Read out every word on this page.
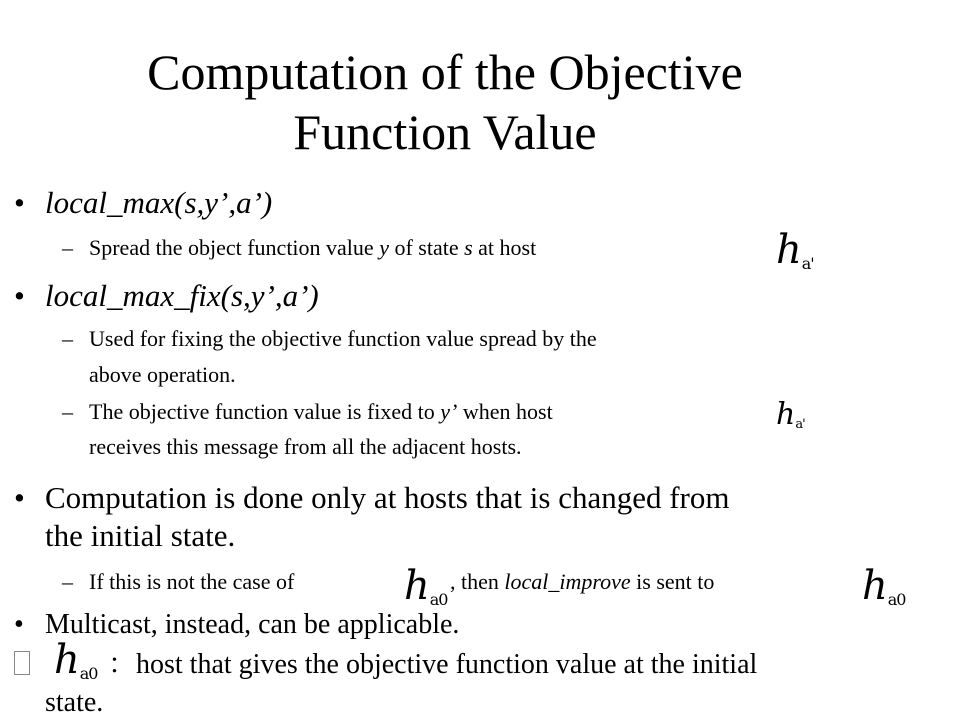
Computation of the Objective
Function Value
• local_max(s,y’,a’)
– Spread the object function value y of state s at host	$h_{a'}$
• local_max_fix(s,y’,a’)
– Used for fixing the objective function value spread by the
above operation.
– The objective function value is fixed to y’ when host	$h_{a'}$
receives this message from all the adjacent hosts.
• Computation is done only at hosts that is changed from
the initial state.
– If this is not the case of	$h_{a0}$
, then local_improve is sent to	$h_{a0}$
• Multicast, instead, can be applicable.
$h_{a0}$ ：host that gives the objective function value at the initial
state.
